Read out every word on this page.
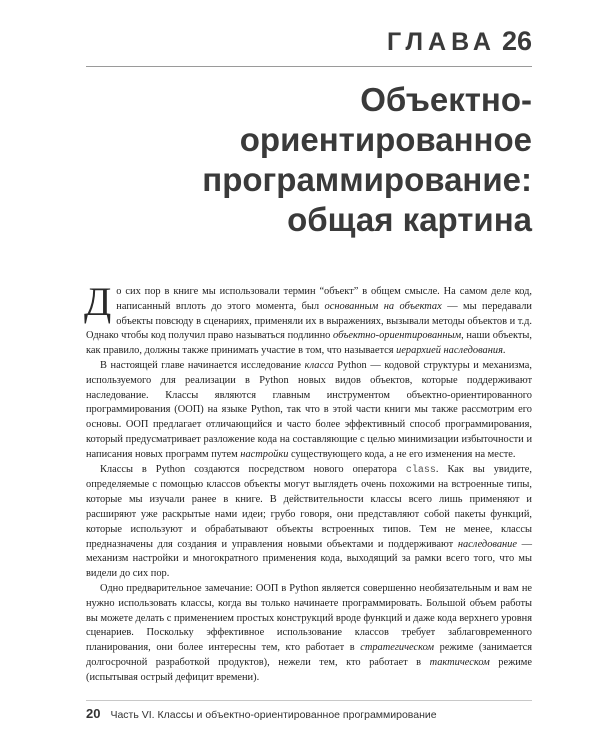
ГЛАВА 26
Объектно-
ориентированное
программирование:
общая картина

До сих пор в книге мы использовали термин “объект” в общем смысле. На самом деле код, написанный вплоть до этого момента, был основанным на объектах — мы передавали объекты повсюду в сценариях, применяли их в выражениях, вызывали методы объектов и т.д. Однако чтобы код получил право называться подлинно объектно-ориентированным, наши объекты, как правило, должны также принимать участие в том, что называется иерархией наследования.

В настоящей главе начинается исследование класса Python — кодовой структуры и механизма, используемого для реализации в Python новых видов объектов, которые поддерживают наследование. Классы являются главным инструментом объектно-ориентированного программирования (ООП) на языке Python, так что в этой части книги мы также рассмотрим его основы. ООП предлагает отличающийся и часто более эффективный способ программирования, который предусматривает разложение кода на составляющие с целью минимизации избыточности и написания новых программ путем настройки существующего кода, а не его изменения на месте.

Классы в Python создаются посредством нового оператора class. Как вы увидите, определяемые с помощью классов объекты могут выглядеть очень похожими на встроенные типы, которые мы изучали ранее в книге. В действительности классы всего лишь применяют и расширяют уже раскрытые нами идеи; грубо говоря, они представляют собой пакеты функций, которые используют и обрабатывают объекты встроенных типов. Тем не менее, классы предназначены для создания и управления новыми объектами и поддерживают наследование — механизм настройки и многократного применения кода, выходящий за рамки всего того, что мы видели до сих пор.

Одно предварительное замечание: ООП в Python является совершенно необязательным и вам не нужно использовать классы, когда вы только начинаете программировать. Большой объем работы вы можете делать с применением простых конструкций вроде функций и даже кода верхнего уровня сценариев. Поскольку эффективное использование классов требует заблаговременного планирования, они более интересны тем, кто работает в стратегическом режиме (занимается долгосрочной разработкой продуктов), нежели тем, кто работает в тактическом режиме (испытывая острый дефицит времени).

20 Часть VI. Классы и объектно-ориентированное программирование
